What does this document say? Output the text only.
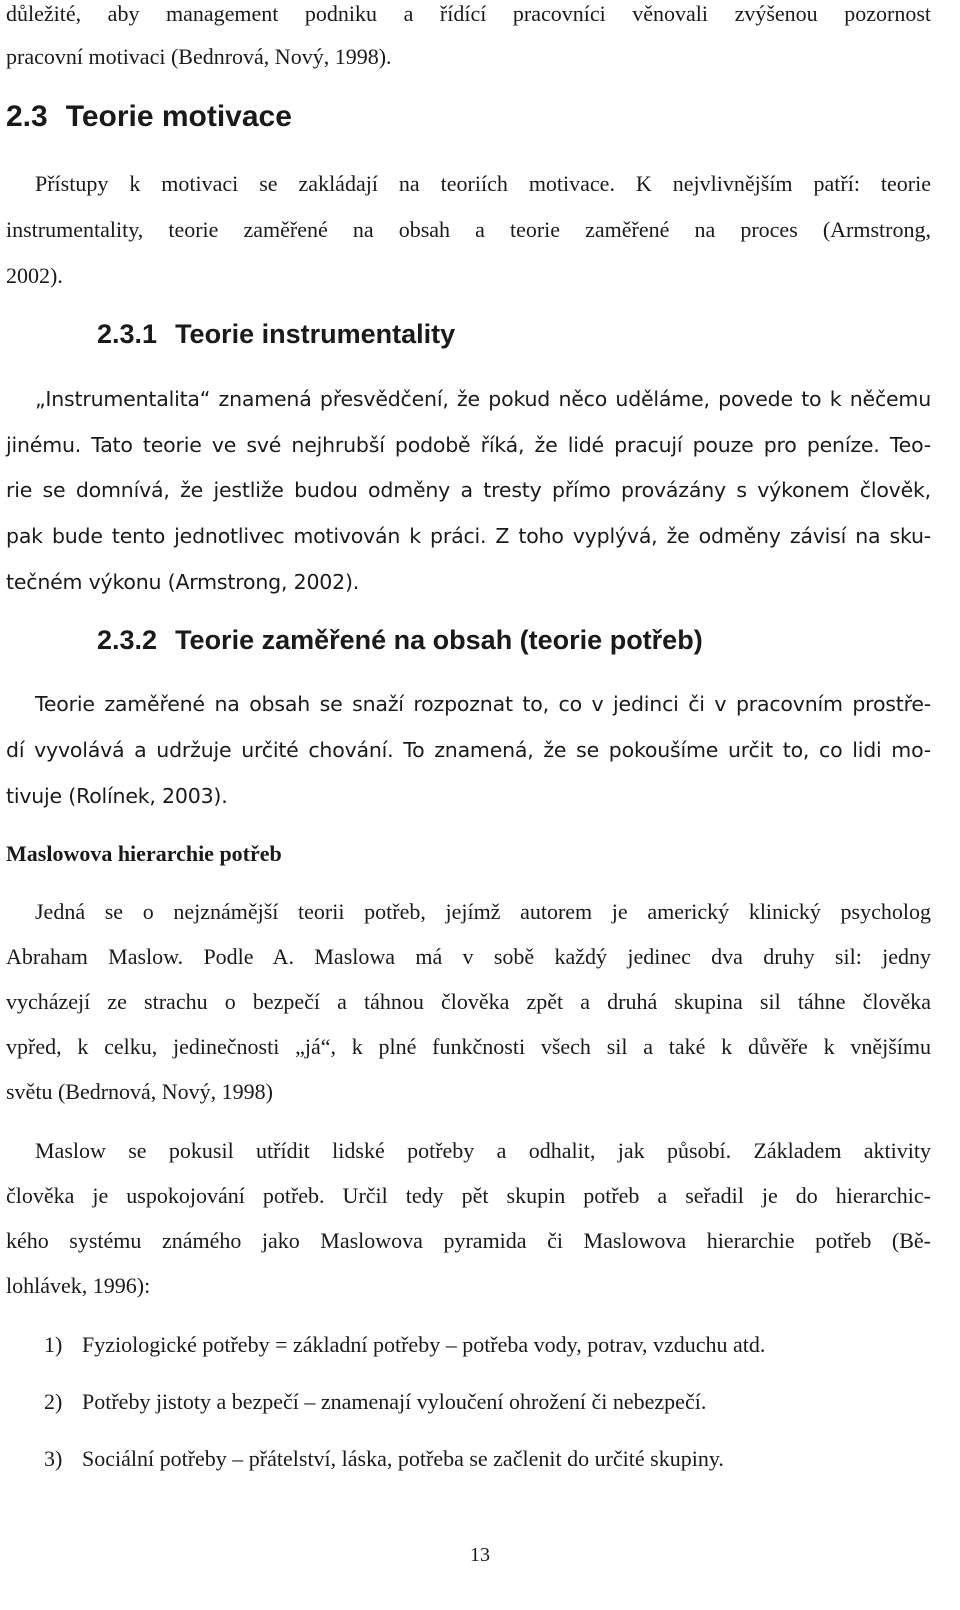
důležité, aby management podniku a řídící pracovníci věnovali zvýšenou pozornost
pracovní motivaci (Bednrová, Nový, 1998).
2.3 Teorie motivace
Přístupy k motivaci se zakládají na teoriích motivace. K nejvlivnějším patří: teorie
instrumentality, teorie zaměřené na obsah a teorie zaměřené na proces (Armstrong,
2002).
2.3.1 Teorie instrumentality
„Instrumentalita“ znamená přesvědčení, že pokud něco uděláme, povede to k něčemu
jinému. Tato teorie ve své nejhrubší podobě říká, že lidé pracují pouze pro peníze. Teo-
rie se domnívá, že jestliže budou odměny a tresty přímo provázány s výkonem člověk,
pak bude tento jednotlivec motivován k práci. Z toho vyplývá, že odměny závisí na sku-
tečném výkonu (Armstrong, 2002).
2.3.2 Teorie zaměřené na obsah (teorie potřeb)
Teorie zaměřené na obsah se snaží rozpoznat to, co v jedinci či v pracovním prostře-
dí vyvolává a udržuje určité chování. To znamená, že se pokoušíme určit to, co lidi mo-
tivuje (Rolínek, 2003).
Maslowova hierarchie potřeb
Jedná se o nejznámější teorii potřeb, jejímž autorem je americký klinický psycholog
Abraham Maslow. Podle A. Maslowa má v sobě každý jedinec dva druhy sil: jedny
vycházejí ze strachu o bezpečí a táhnou člověka zpět a druhá skupina sil táhne člověka
vpřed, k celku, jedinečnosti „já“, k plné funkčnosti všech sil a také k důvěře k vnějšímu
světu (Bedrnová, Nový, 1998)
Maslow se pokusil utřídit lidské potřeby a odhalit, jak působí. Základem aktivity
člověka je uspokojování potřeb. Určil tedy pět skupin potřeb a seřadil je do hierarchic-
kého systému známého jako Maslowova pyramida či Maslowova hierarchie potřeb (Bě-
lohlávek, 1996):
1) Fyziologické potřeby = základní potřeby – potřeba vody, potrav, vzduchu atd.
2) Potřeby jistoty a bezpečí – znamenají vyloučení ohrožení či nebezpečí.
3) Sociální potřeby – přátelství, láska, potřeba se začlenit do určité skupiny.
13
